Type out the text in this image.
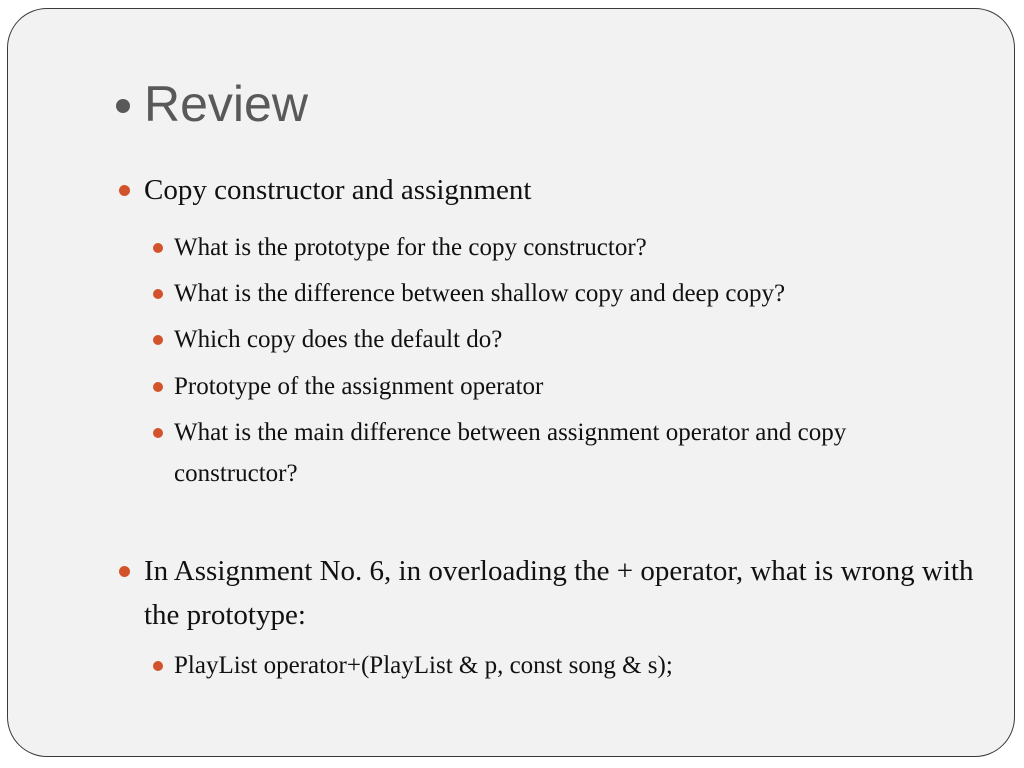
Review

Copy constructor and assignment

What is the prototype for the copy constructor?

What is the difference between shallow copy and deep copy?

Which copy does the default do?

Prototype of the assignment operator

What is the main difference between assignment operator and copy constructor?

In Assignment No. 6, in overloading the + operator, what is wrong with the prototype:

PlayList operator+(PlayList & p, const song & s);
